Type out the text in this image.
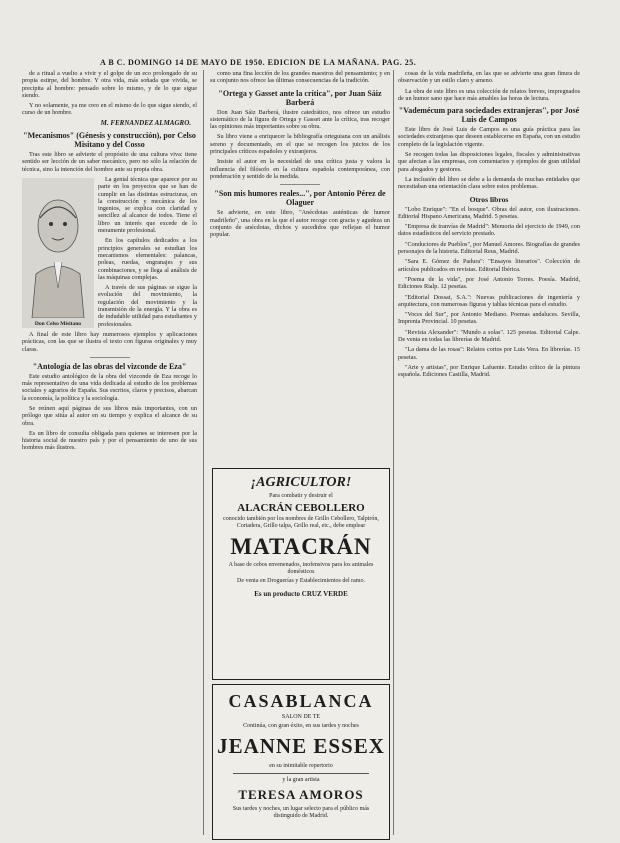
A B C. DOMINGO 14 DE MAYO DE 1950. EDICION DE LA MAÑANA. PAG. 25.

de a ritual a vuelto a vivir y el golpe de un eco prolongado de su propia estirpe, del hombre. Y otra vida, más soñada que vivida, se precipita al hombre: pensado sobre lo mismo, y de lo que sigue siendo.

Y no solamente, ya me creo en el mismo de lo que sigue siendo, el curso de un hombre.

M. FERNANDEZ ALMAGRO.
"Mecanismos" (Génesis y construcción), por Celso Misitano y del Cosso

Tras este libro se advierte el propósito de una cultura viva: tiene sentido ser lección de un saber mecánico, pero no sólo la relación de técnica, sino la intención del hombre ante su propia obra.

Don Celso Misitano

La genial técnica que aparece por su parte en los proyectos que se han de cumplir en las distintas estructuras, en la construcción y mecánica de los ingenios, se explica con claridad y sencillez al alcance de todos. Tiene el libro un interés que excede de lo meramente profesional.

En los capítulos dedicados a los principios generales se estudian los mecanismos elementales: palancas, poleas, ruedas, engranajes y sus combinaciones, y se llega al análisis de las máquinas complejas.

A través de sus páginas se sigue la evolución del movimiento, la regulación del movimiento y la transmisión de la energía. Y la obra es de indudable utilidad para estudiantes y profesionales.

A final de este libro hay numerosos ejemplos y aplicaciones prácticas, con las que se ilustra el texto con figuras originales y muy claras.

"Antología de las obras del vizconde de Eza"

Este estudio antológico de la obra del vizconde de Eza recoge lo más representativo de una vida dedicada al estudio de los problemas sociales y agrarios de España. Sus escritos, claros y precisos, abarcan la economía, la política y la sociología.

Se reúnen aquí páginas de sus libros más importantes, con un prólogo que sitúa al autor en su tiempo y explica el alcance de su obra.

Es un libro de consulta obligada para quienes se interesen por la historia social de nuestro país y por el pensamiento de uno de sus hombres más ilustres.

como una fina lección de los grandes maestros del pensamiento; y en su conjunto nos ofrece las últimas consecuencias de la tradición.

"Ortega y Gasset ante la crítica", por Juan Sáiz Barberá

Don Juan Sáiz Barberá, ilustre catedrático, nos ofrece un estudio sistemático de la figura de Ortega y Gasset ante la crítica, tras recoger las opiniones más importantes sobre su obra.

Su libro viene a enriquecer la bibliografía orteguiana con un análisis sereno y documentado, en el que se recogen los juicios de los principales críticos españoles y extranjeros.

Insiste el autor en la necesidad de una crítica justa y valora la influencia del filósofo en la cultura española contemporánea, con ponderación y sentido de la medida.

"Son mis humores reales...", por Antonio Pérez de Olaguer

Se advierte, en este libro, "Anécdotas auténticas de humor madrileño", una obra en la que el autor recoge con gracia y agudeza un conjunto de anécdotas, dichos y sucedidos que reflejan el humor popular.

¡AGRICULTOR!
Para combatir y destruir el
ALACRÁN CEBOLLERO
conocido también por los nombres de Grillo Cebollero, Talpirón, Cortadera, Grillo talpa, Grillo real, etc., debe emplear
MATACRÁN
A base de cebos envenenados, inofensivos para los animales domésticos
De venta en Droguerías y Establecimientos del ramo.
Es un producto CRUZ VERDE
CASABLANCA
SALON DE TE
Continúa, con gran éxito, en sus tardes y noches
JEANNE ESSEX
en su inimitable repertorio
y la gran artista
TERESA AMOROS
Sus tardes y noches, un lugar selecto para el público más distinguido de Madrid.

cosas de la vida madrileña, en las que se advierte una gran finura de observación y un estilo claro y ameno.

La obra de este libro es una colección de relatos breves, impregnados de un humor sano que hace más amables las horas de lectura.

"Vademécum para sociedades extranjeras", por José Luis de Campos

Este libro de José Luis de Campos es una guía práctica para las sociedades extranjeras que deseen establecerse en España, con un estudio completo de la legislación vigente.

Se recogen todas las disposiciones legales, fiscales y administrativas que afectan a las empresas, con comentarios y ejemplos de gran utilidad para abogados y gestores.

La inclusión del libro se debe a la demanda de muchas entidades que necesitaban una orientación clara sobre estos problemas.

Otros libros

"Lobo Enrique": "En el bosque". Obras del autor, con ilustraciones. Editorial Hispano Americana, Madrid. 5 pesetas.

"Empresa de tranvías de Madrid": Memoria del ejercicio de 1949, con datos estadísticos del servicio prestado.

"Conductores de Pueblos", por Manuel Amores. Biografías de grandes personajes de la historia. Editorial Reus, Madrid.

"Sara E. Gómez de Padura": "Ensayos literarios". Colección de artículos publicados en revistas. Editorial Ibérica.

"Poema de la vida", por José Antonio Torres. Poesía. Madrid, Ediciones Rialp. 12 pesetas.

"Editorial Dossat, S.A.": Nuevas publicaciones de ingeniería y arquitectura, con numerosas figuras y tablas técnicas para el estudio.

"Voces del Sur", por Antonio Mediano. Poemas andaluces. Sevilla, Imprenta Provincial. 10 pesetas.

"Revista Alexander": "Mundo a solas". 125 pesetas. Editorial Calpe. De venta en todas las librerías de Madrid.

"La dama de las rosas": Relatos cortos por Luis Vera. En librerías. 15 pesetas.

"Arte y artistas", por Enrique Lafuente. Estudio crítico de la pintura española. Ediciones Castilla, Madrid.
